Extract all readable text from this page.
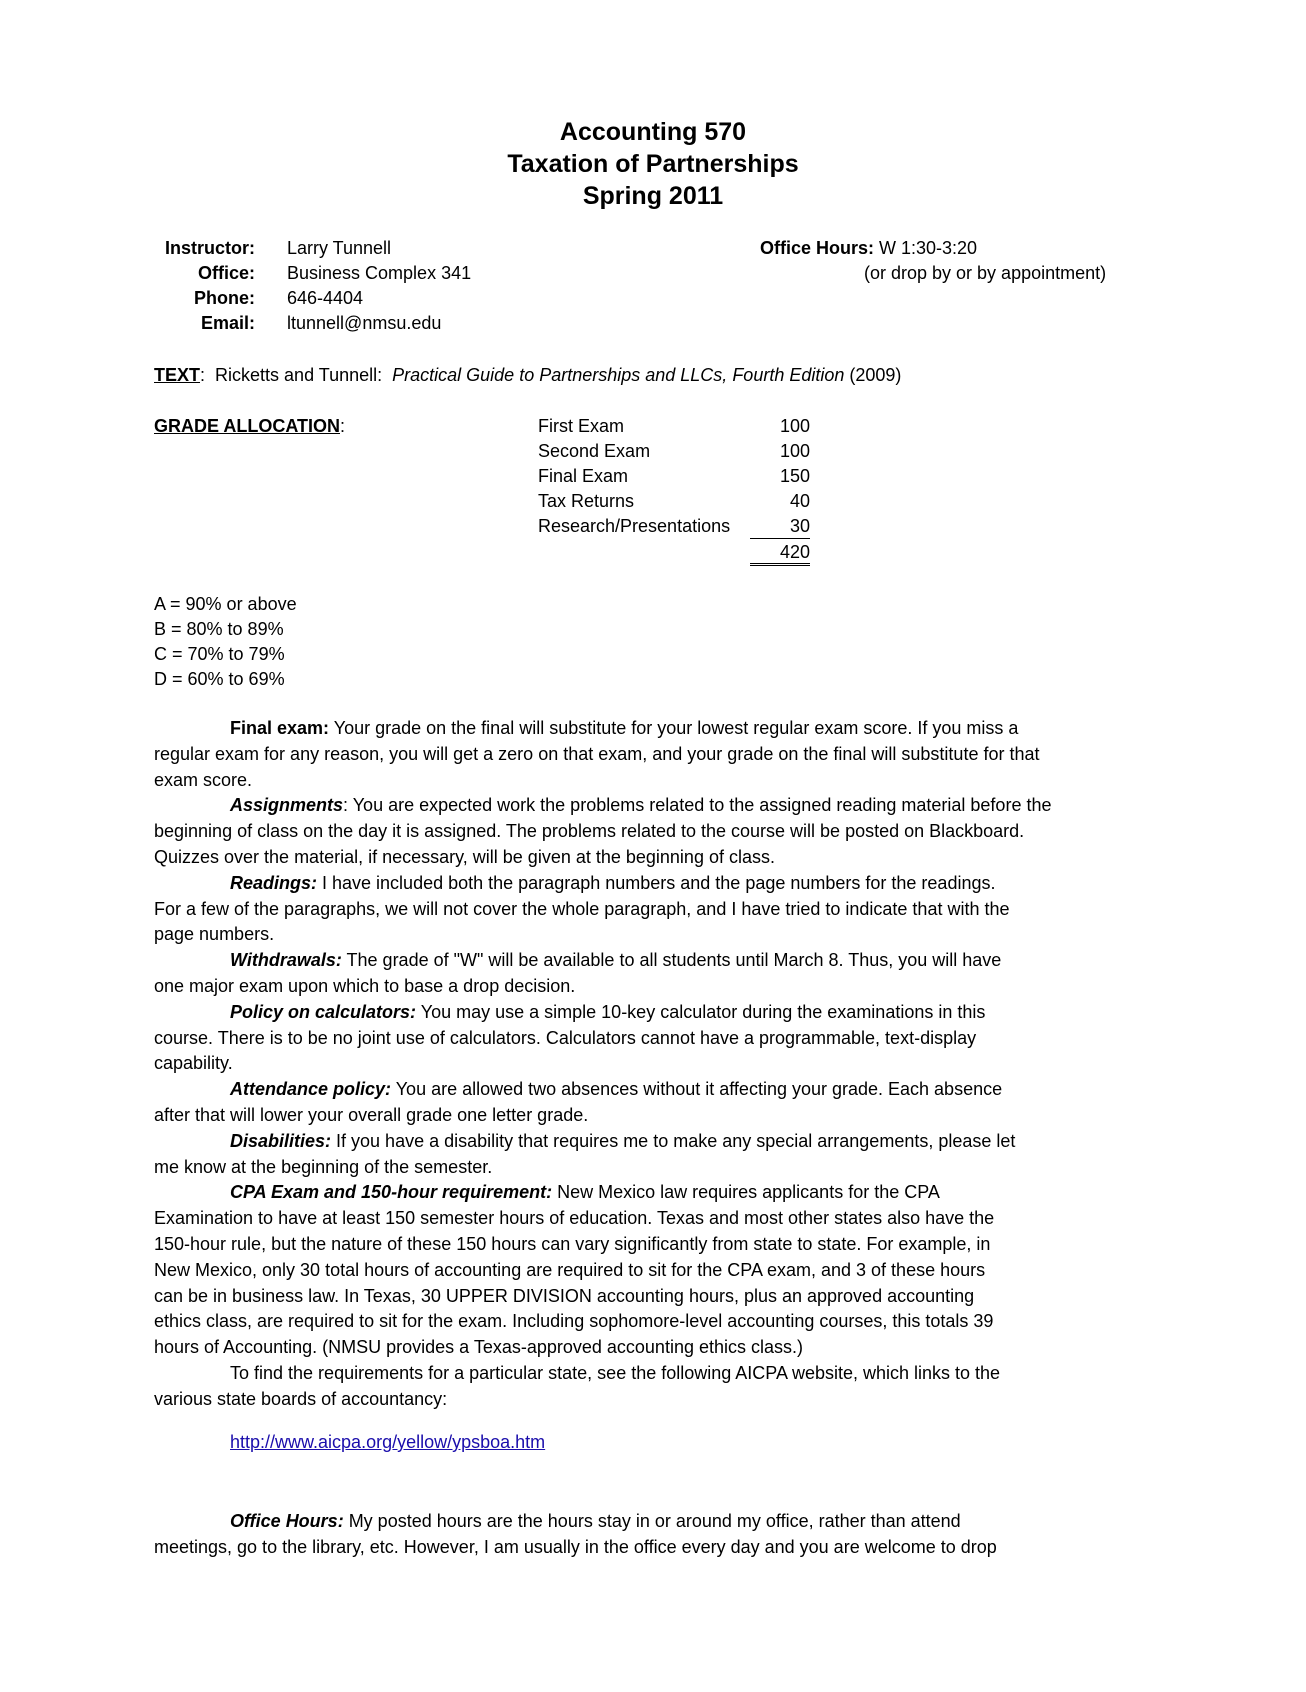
Accounting 570
Taxation of Partnerships
Spring 2011
Instructor: Larry Tunnell
Office: Business Complex 341
Phone: 646-4404
Email: ltunnell@nmsu.edu
Office Hours: W 1:30-3:20
(or drop by or by appointment)
TEXT:  Ricketts and Tunnell: Practical Guide to Partnerships and LLCs, Fourth Edition (2009)
GRADE ALLOCATION:	First Exam	100
Second Exam	100
Final Exam	150
Tax Returns	40
Research/Presentations	30
420
A = 90% or above
B = 80% to 89%
C = 70% to 79%
D = 60% to 69%
Final exam: Your grade on the final will substitute for your lowest regular exam score. If you miss a
regular exam for any reason, you will get a zero on that exam, and your grade on the final will substitute for that
exam score.
Assignments: You are expected work the problems related to the assigned reading material before the
beginning of class on the day it is assigned. The problems related to the course will be posted on Blackboard.
Quizzes over the material, if necessary, will be given at the beginning of class.
Readings: I have included both the paragraph numbers and the page numbers for the readings.
For a few of the paragraphs, we will not cover the whole paragraph, and I have tried to indicate that with the
page numbers.
Withdrawals: The grade of "W" will be available to all students until March 8. Thus, you will have
one major exam upon which to base a drop decision.
Policy on calculators: You may use a simple 10-key calculator during the examinations in this
course. There is to be no joint use of calculators. Calculators cannot have a programmable, text-display
capability.
Attendance policy: You are allowed two absences without it affecting your grade. Each absence
after that will lower your overall grade one letter grade.
Disabilities: If you have a disability that requires me to make any special arrangements, please let
me know at the beginning of the semester.
CPA Exam and 150-hour requirement: New Mexico law requires applicants for the CPA
Examination to have at least 150 semester hours of education. Texas and most other states also have the
150-hour rule, but the nature of these 150 hours can vary significantly from state to state. For example, in
New Mexico, only 30 total hours of accounting are required to sit for the CPA exam, and 3 of these hours
can be in business law. In Texas, 30 UPPER DIVISION accounting hours, plus an approved accounting
ethics class, are required to sit for the exam. Including sophomore-level accounting courses, this totals 39
hours of Accounting. (NMSU provides a Texas-approved accounting ethics class.)
To find the requirements for a particular state, see the following AICPA website, which links to the
various state boards of accountancy:
http://www.aicpa.org/yellow/ypsboa.htm
Office Hours: My posted hours are the hours stay in or around my office, rather than attend
meetings, go to the library, etc. However, I am usually in the office every day and you are welcome to drop
